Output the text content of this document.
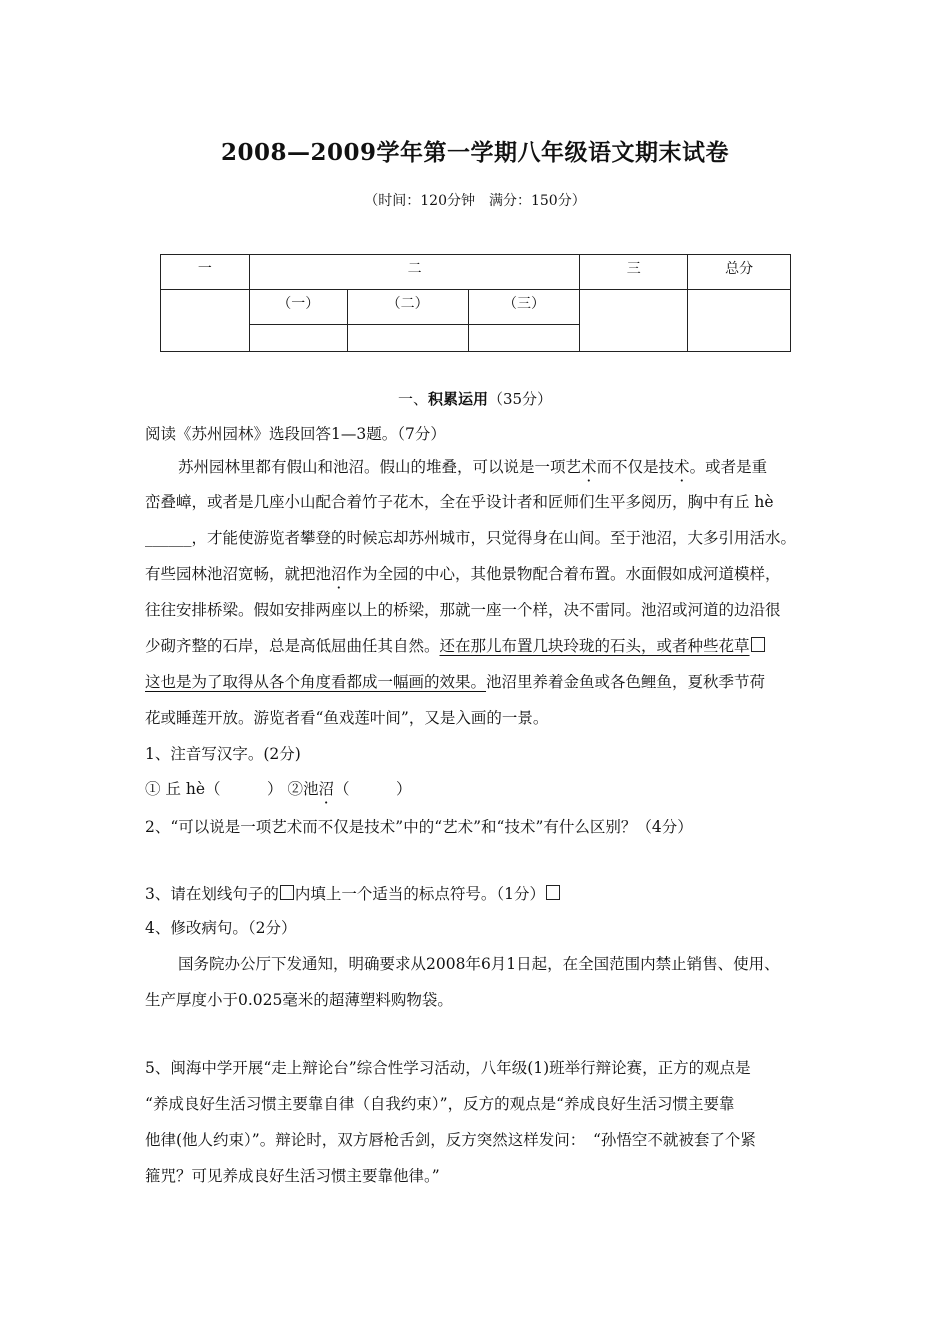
2008—2009学年第一学期八年级语文期末试卷
（时间：120分钟　满分：150分）
一	二			三	总分
	（一）	（二）	（三）		

一、积累运用（35分）
阅读《苏州园林》选段回答1—3题。（7分）
苏州园林里都有假山和池沼。假山的堆叠，可以说是一项艺术而不仅是技术。或者是重
峦叠嶂，或者是几座小山配合着竹子花木，全在乎设计者和匠师们生平多阅历，胸中有丘 hè
______，才能使游览者攀登的时候忘却苏州城市，只觉得身在山间。至于池沼，大多引用活水。
有些园林池沼宽畅，就把池沼作为全园的中心，其他景物配合着布置。水面假如成河道模样，
往往安排桥梁。假如安排两座以上的桥梁，那就一座一个样，决不雷同。池沼或河道的边沿很
少砌齐整的石岸，总是高低屈曲任其自然。还在那儿布置几块玲珑的石头，或者种些花草
这也是为了取得从各个角度看都成一幅画的效果。池沼里养着金鱼或各色鲤鱼，夏秋季节荷
花或睡莲开放。游览者看“鱼戏莲叶间”，又是入画的一景。
1、注音写汉字。(2分)
① 丘 hè（　　　） ②池沼（　　　）
2、“可以说是一项艺术而不仅是技术”中的“艺术”和“技术”有什么区别？（4分）
3、请在划线句子的 内填上一个适当的标点符号。（1分）
4、修改病句。（2分）
国务院办公厅下发通知，明确要求从2008年6月1日起，在全国范围内禁止销售、使用、
生产厚度小于0.025毫米的超薄塑料购物袋。
5、闽海中学开展“走上辩论台”综合性学习活动，八年级(1)班举行辩论赛，正方的观点是
“养成良好生活习惯主要靠自律（自我约束）”，反方的观点是“养成良好生活习惯主要靠
他律(他人约束）”。辩论时，双方唇枪舌剑，反方突然这样发问：　“孙悟空不就被套了个紧
箍咒？可见养成良好生活习惯主要靠他律。”
